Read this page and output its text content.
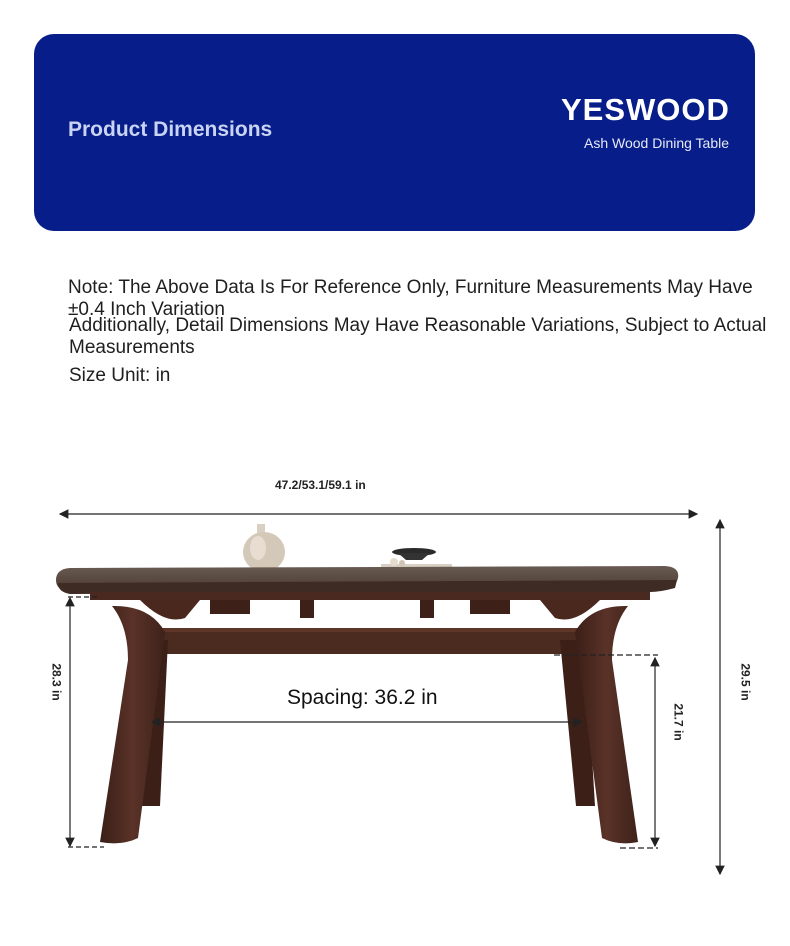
Product Dimensions
YESWOOD
Ash Wood Dining Table
Note: The Above Data Is For Reference Only, Furniture Measurements May Have
±0.4 Inch Variation
Additionally, Detail Dimensions May Have Reasonable Variations, Subject to Actual Measurements
Size Unit: in
47.2/53.1/59.1 in
Spacing: 36.2 in
28.3 in
21.7 in
29.5 in
